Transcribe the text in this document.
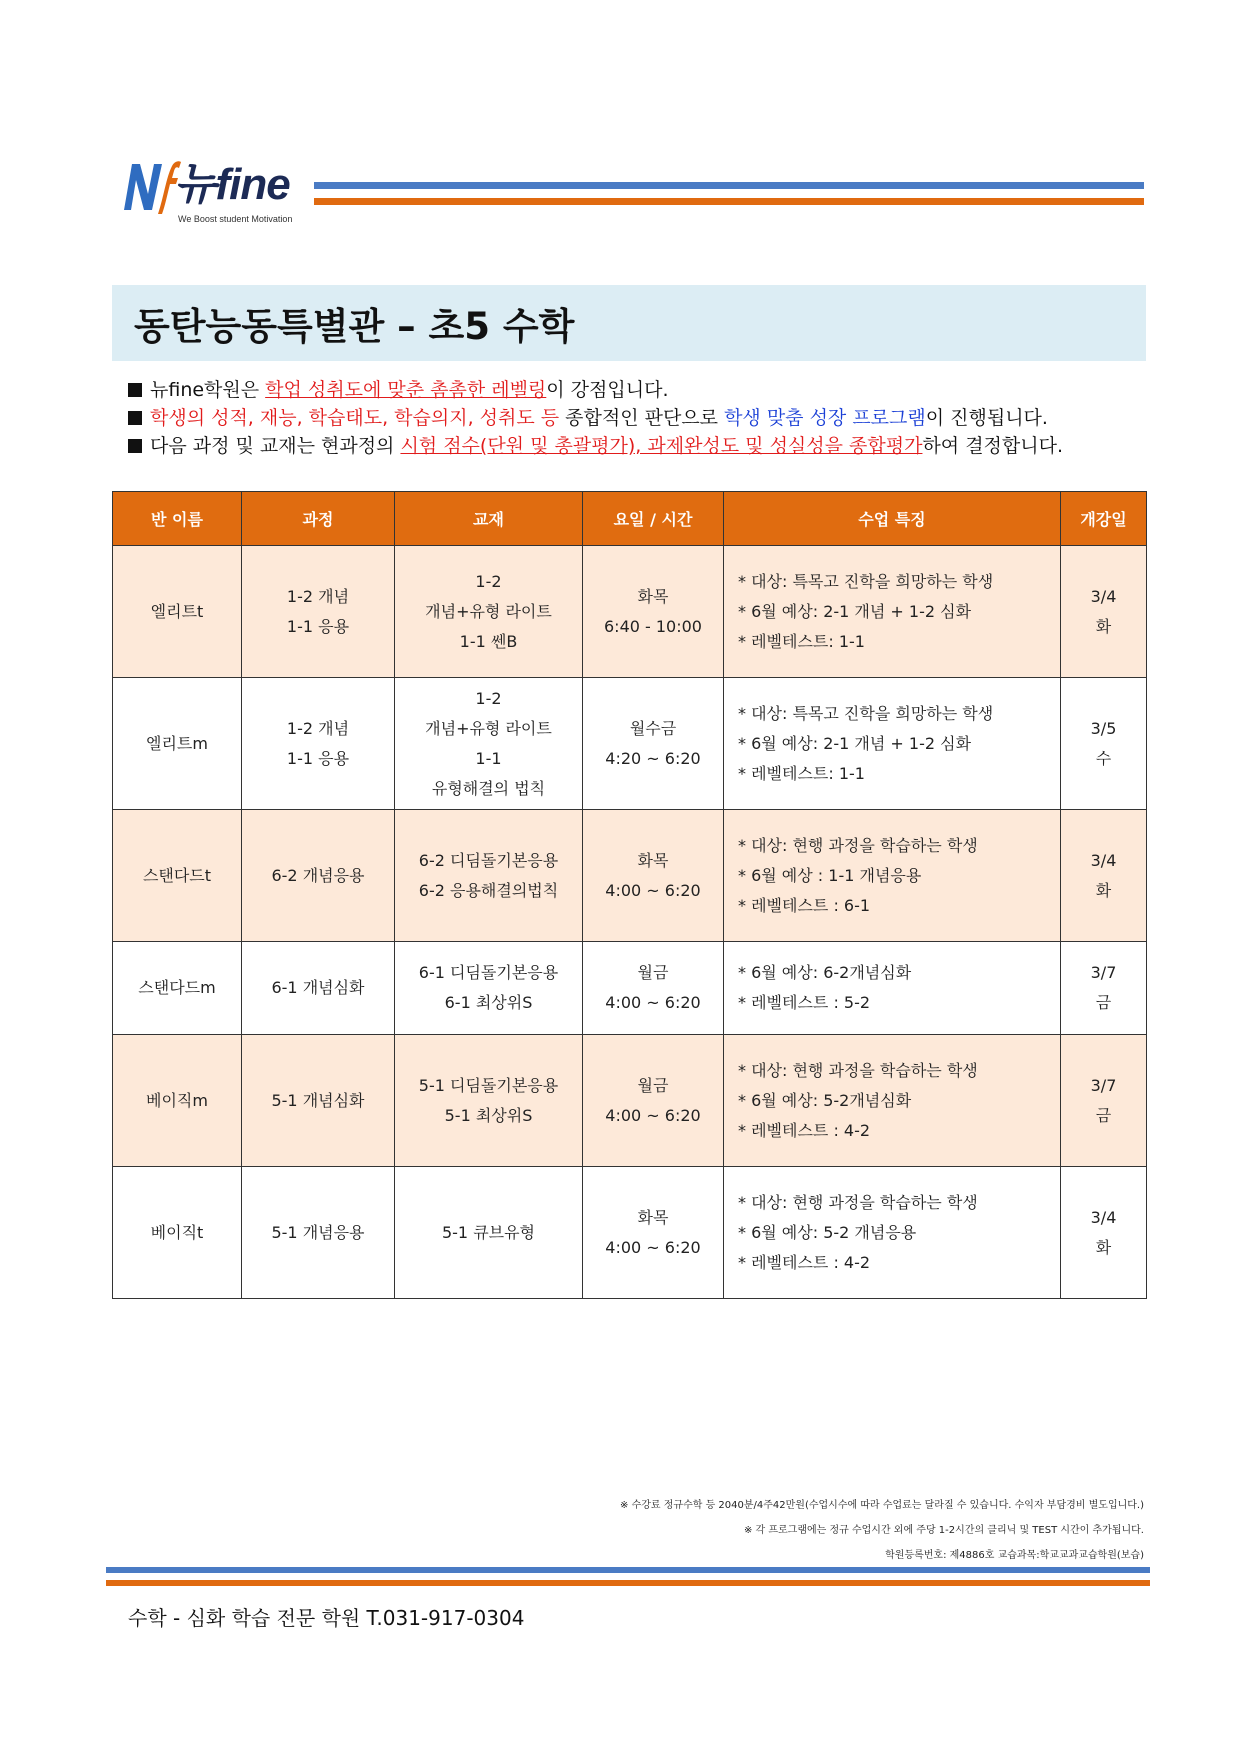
뉴fine
We Boost student Motivation
동탄능동특별관 – 초5 수학
뉴fine학원은 학업 성취도에 맞춘 촘촘한 레벨링이 강점입니다.
학생의 성적, 재능, 학습태도, 학습의지, 성취도 등 종합적인 판단으로 학생 맞춤 성장 프로그램이 진행됩니다.
다음 과정 및 교재는 현과정의 시험 점수(단원 및 총괄평가), 과제완성도 및 성실성을 종합평가하여 결정합니다.
반 이름	과정	교재	요일 / 시간	수업 특징	개강일
엘리트t	1-2 개념
1-1 응용	1-2
개념+유형 라이트
1-1 쎈B	화목
6:40 - 10:00	* 대상: 특목고 진학을 희망하는 학생
* 6월 예상: 2-1 개념 + 1-2 심화
* 레벨테스트: 1-1	3/4
화

엘리트m	1-2 개념
1-1 응용	1-2
개념+유형 라이트
1-1
유형해결의 법칙	월수금
4:20 ~ 6:20	* 대상: 특목고 진학을 희망하는 학생
* 6월 예상: 2-1 개념 + 1-2 심화
* 레벨테스트: 1-1	3/5
수

스탠다드t	6-2 개념응용	6-2 디딤돌기본응용
6-2 응용해결의법칙	화목
4:00 ~ 6:20	* 대상: 현행 과정을 학습하는 학생
* 6월 예상 : 1-1 개념응용
* 레벨테스트 : 6-1	3/4
화

스탠다드m	6-1 개념심화	6-1 디딤돌기본응용
6-1 최상위S	월금
4:00 ~ 6:20	* 6월 예상: 6-2개념심화
* 레벨테스트 : 5-2	3/7
금

베이직m	5-1 개념심화	5-1 디딤돌기본응용
5-1 최상위S	월금
4:00 ~ 6:20	* 대상: 현행 과정을 학습하는 학생
* 6월 예상: 5-2개념심화
* 레벨테스트 : 4-2	3/7
금

베이직t	5-1 개념응용	5-1 큐브유형	화목
4:00 ~ 6:20	* 대상: 현행 과정을 학습하는 학생
* 6월 예상: 5-2 개념응용
* 레벨테스트 : 4-2	3/4
화
※ 수강료 정규수학 등 2040분/4주42만원(수업시수에 따라 수업료는 달라질 수 있습니다. 수익자 부담경비 별도입니다.)
※ 각 프로그램에는 정규 수업시간 외에 주당 1-2시간의 클리닉 및 TEST 시간이 추가됩니다.
학원등록번호: 제4886호 교습과목:학교교과교습학원(보습)
수학 - 심화 학습 전문 학원 T.031-917-0304
